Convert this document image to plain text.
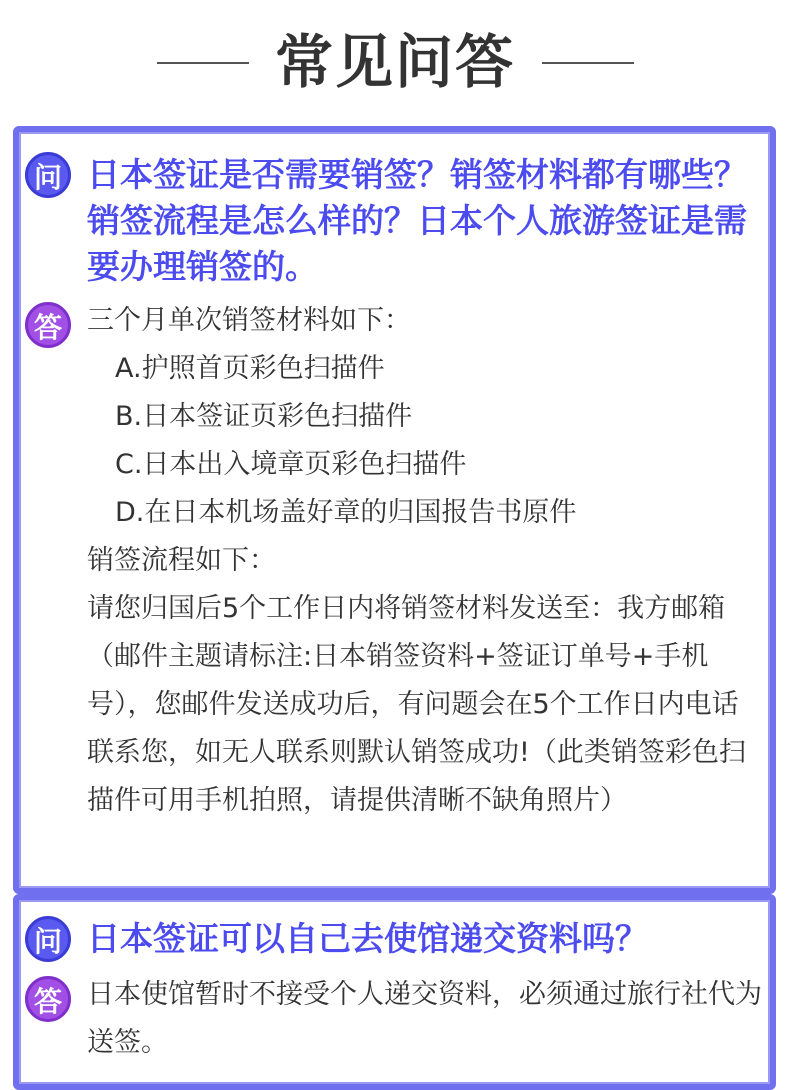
常见问答
问 日本签证是否需要销签？销签材料都有哪些？销签流程是怎么样的？日本个人旅游签证是需要办理销签的。

答 三个月单次销签材料如下：

A.护照首页彩色扫描件

B.日本签证页彩色扫描件

C.日本出入境章页彩色扫描件

D.在日本机场盖好章的归国报告书原件

销签流程如下：

请您归国后5个工作日内将销签材料发送至：我方邮箱（邮件主题请标注:日本销签资料+签证订单号+手机号），您邮件发送成功后，有问题会在5个工作日内电话联系您，如无人联系则默认销签成功!（此类销签彩色扫描件可用手机拍照，请提供清晰不缺角照片）

问 日本签证可以自己去使馆递交资料吗？

答 日本使馆暂时不接受个人递交资料，必须通过旅行社代为送签。
